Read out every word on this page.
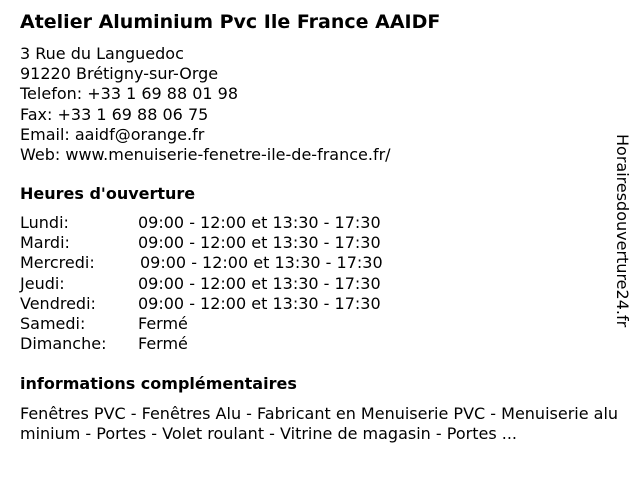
Atelier Aluminium Pvc Ile France AAIDF
3 Rue du Languedoc
91220 Brétigny-sur-Orge
Telefon: +33 1 69 88 01 98
Fax: +33 1 69 88 06 75
Email: aaidf@orange.fr
Web: www.menuiserie-fenetre-ile-de-france.fr/
Heures d'ouverture
Lundi:	09:00 - 12:00 et 13:30 - 17:30
Mardi:	09:00 - 12:00 et 13:30 - 17:30
Mercredi:	09:00 - 12:00 et 13:30 - 17:30
Jeudi:	09:00 - 12:00 et 13:30 - 17:30
Vendredi:	09:00 - 12:00 et 13:30 - 17:30
Samedi:	Fermé
Dimanche:	Fermé
informations complémentaires
Fenêtres PVC - Fenêtres Alu - Fabricant en Menuiserie PVC - Menuiserie aluminium - Portes - Volet roulant - Vitrine de magasin - Portes ...
Horairesdouverture24.fr
